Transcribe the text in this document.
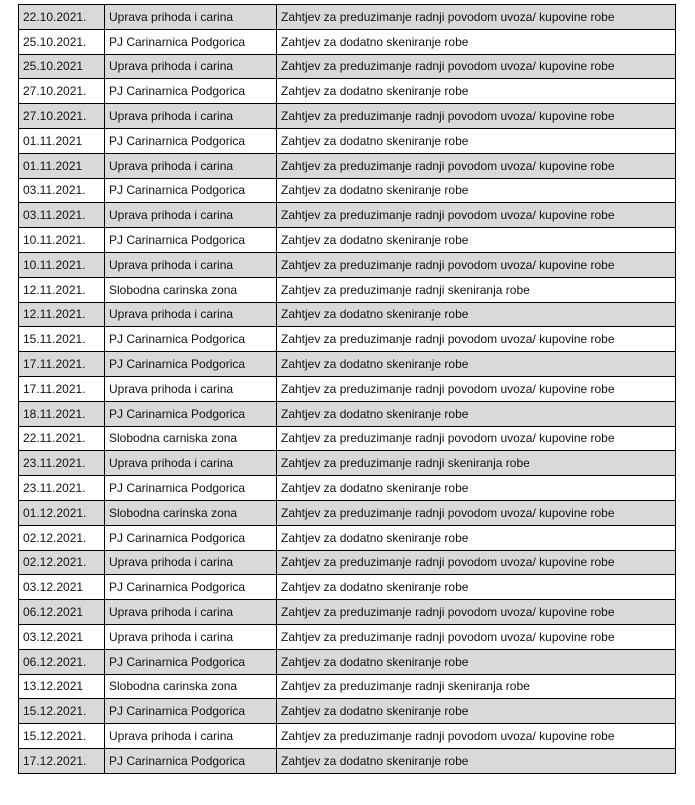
22.10.2021.	Uprava prihoda i carina	Zahtjev za preduzimanje radnji povodom uvoza/ kupovine robe
25.10.2021.	PJ Carinarnica Podgorica	Zahtjev za dodatno skeniranje robe
25.10.2021	Uprava prihoda i carina	Zahtjev za preduzimanje radnji povodom uvoza/ kupovine robe
27.10.2021.	PJ Carinarnica Podgorica	Zahtjev za dodatno skeniranje robe
27.10.2021.	Uprava prihoda i carina	Zahtjev za preduzimanje radnji povodom uvoza/ kupovine robe
01.11.2021	PJ Carinarnica Podgorica	Zahtjev za dodatno skeniranje robe
01.11.2021	Uprava prihoda i carina	Zahtjev za preduzimanje radnji povodom uvoza/ kupovine robe
03.11.2021.	PJ Carinarnica Podgorica	Zahtjev za dodatno skeniranje robe
03.11.2021.	Uprava prihoda i carina	Zahtjev za preduzimanje radnji povodom uvoza/ kupovine robe
10.11.2021.	PJ Carinarnica Podgorica	Zahtjev za dodatno skeniranje robe
10.11.2021.	Uprava prihoda i carina	Zahtjev za preduzimanje radnji povodom uvoza/ kupovine robe
12.11.2021.	Slobodna carinska zona	Zahtjev za preduzimanje radnji skeniranja robe
12.11.2021.	Uprava prihoda i carina	Zahtjev za dodatno skeniranje robe
15.11.2021.	PJ Carinarnica Podgorica	Zahtjev za preduzimanje radnji povodom uvoza/ kupovine robe
17.11.2021.	PJ Carinarnica Podgorica	Zahtjev za dodatno skeniranje robe
17.11.2021.	Uprava prihoda i carina	Zahtjev za preduzimanje radnji povodom uvoza/ kupovine robe
18.11.2021.	PJ Carinarnica Podgorica	Zahtjev za dodatno skeniranje robe
22.11.2021.	Slobodna carniska zona	Zahtjev za preduzimanje radnji povodom uvoza/ kupovine robe
23.11.2021.	Uprava prihoda i carina	Zahtjev za preduzimanje radnji skeniranja robe
23.11.2021.	PJ Carinarnica Podgorica	Zahtjev za dodatno skeniranje robe
01.12.2021.	Slobodna carinska zona	Zahtjev za preduzimanje radnji povodom uvoza/ kupovine robe
02.12.2021.	PJ Carinarnica Podgorica	Zahtjev za dodatno skeniranje robe
02.12.2021.	Uprava prihoda i carina	Zahtjev za preduzimanje radnji povodom uvoza/ kupovine robe
03.12.2021	PJ Carinarnica Podgorica	Zahtjev za dodatno skeniranje robe
06.12.2021	Uprava prihoda i carina	Zahtjev za preduzimanje radnji povodom uvoza/ kupovine robe
03.12.2021	Uprava prihoda i carina	Zahtjev za preduzimanje radnji povodom uvoza/ kupovine robe
06.12.2021.	PJ Carinarnica Podgorica	Zahtjev za dodatno skeniranje robe
13.12.2021	Slobodna carinska zona	Zahtjev za preduzimanje radnji skeniranja robe
15.12.2021.	PJ Carinarnica Podgorica	Zahtjev za dodatno skeniranje robe
15.12.2021.	Uprava prihoda i carina	Zahtjev za preduzimanje radnji povodom uvoza/ kupovine robe
17.12.2021.	PJ Carinarnica Podgorica	Zahtjev za dodatno skeniranje robe
